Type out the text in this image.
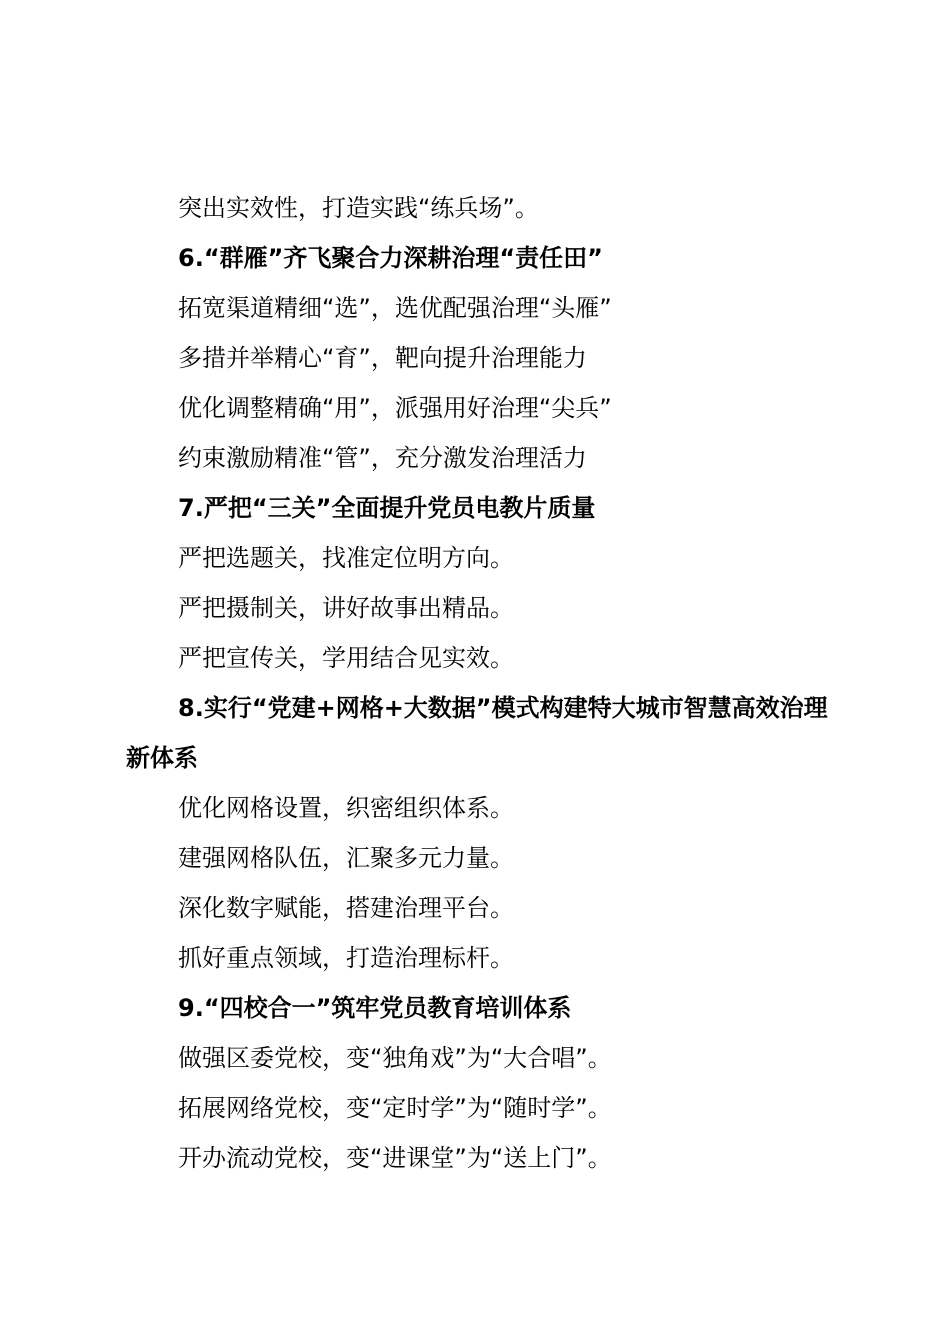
突出实效性，打造实践“练兵场”。

6.“群雁”齐飞聚合力深耕治理“责任田”

拓宽渠道精细“选”，选优配强治理“头雁”

多措并举精心“育”，靶向提升治理能力

优化调整精确“用”，派强用好治理“尖兵”

约束激励精准“管”，充分激发治理活力

7.严把“三关”全面提升党员电教片质量

严把选题关，找准定位明方向。

严把摄制关，讲好故事出精品。

严把宣传关，学用结合见实效。

8.实行“党建+网格+大数据”模式构建特大城市智慧高效治理新体系

优化网格设置，织密组织体系。

建强网格队伍，汇聚多元力量。

深化数字赋能，搭建治理平台。

抓好重点领域，打造治理标杆。

9.“四校合一”筑牢党员教育培训体系

做强区委党校，变“独角戏”为“大合唱”。

拓展网络党校，变“定时学”为“随时学”。

开办流动党校，变“进课堂”为“送上门”。
